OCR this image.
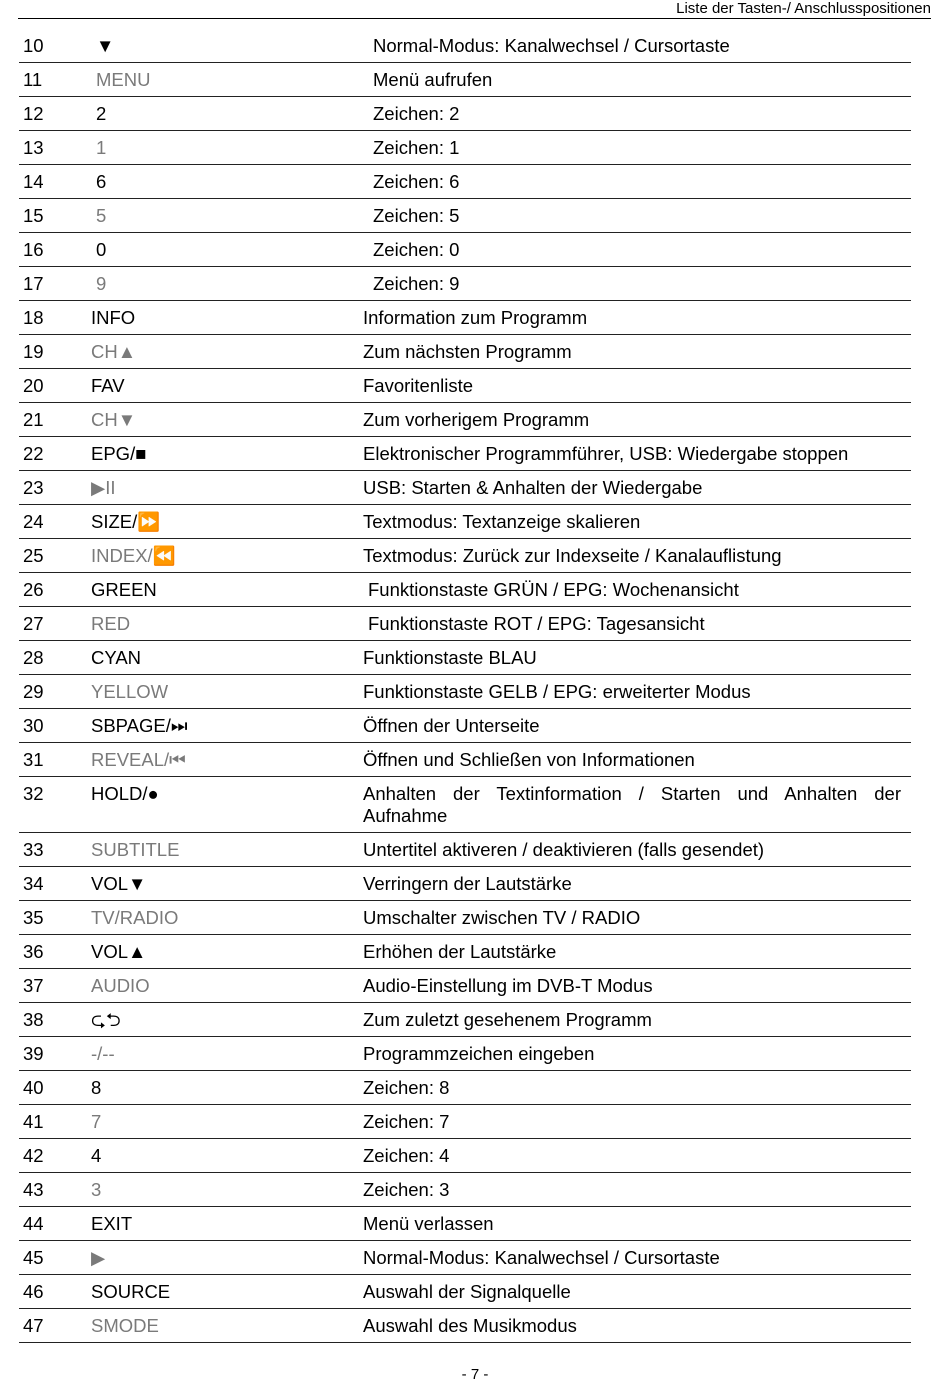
Liste der Tasten-/ Anschlusspositionen
10	▼	Normal-Modus: Kanalwechsel / Cursortaste
11	MENU	Menü aufrufen
12	2	Zeichen: 2
13	1	Zeichen: 1
14	6	Zeichen: 6
15	5	Zeichen: 5
16	0	Zeichen: 0
17	9	Zeichen: 9
18	INFO	Information zum Programm
19	CH▲	Zum nächsten Programm
20	FAV	Favoritenliste
21	CH▼	Zum vorherigem Programm
22	EPG/■	Elektronischer Programmführer, USB: Wiedergabe stoppen
23	▶II	USB: Starten & Anhalten der Wiedergabe
24	SIZE/⏩	Textmodus: Textanzeige skalieren
25	INDEX/⏪	Textmodus: Zurück zur Indexseite / Kanalauflistung
26	GREEN	Funktionstaste GRÜN / EPG: Wochenansicht
27	RED	Funktionstaste ROT / EPG: Tagesansicht
28	CYAN	Funktionstaste BLAU
29	YELLOW	Funktionstaste GELB / EPG: erweiterter Modus
30	SBPAGE/⏭	Öffnen der Unterseite
31	REVEAL/⏮	Öffnen und Schließen von Informationen
32	HOLD/●	Anhalten der Textinformation / Starten und Anhalten der Aufnahme
33	SUBTITLE	Untertitel aktiveren / deaktivieren (falls gesendet)
34	VOL▼	Verringern der Lautstärke
35	TV/RADIO	Umschalter zwischen TV / RADIO
36	VOL▲	Erhöhen der Lautstärke
37	AUDIO	Audio-Einstellung im DVB-T Modus
38	⮎⮌	Zum zuletzt gesehenem Programm
39	-/--	Programmzeichen eingeben
40	8	Zeichen: 8
41	7	Zeichen: 7
42	4	Zeichen: 4
43	3	Zeichen: 3
44	EXIT	Menü verlassen
45	▶	Normal-Modus: Kanalwechsel / Cursortaste
46	SOURCE	Auswahl der Signalquelle
47	SMODE	Auswahl des Musikmodus
- 7 -
